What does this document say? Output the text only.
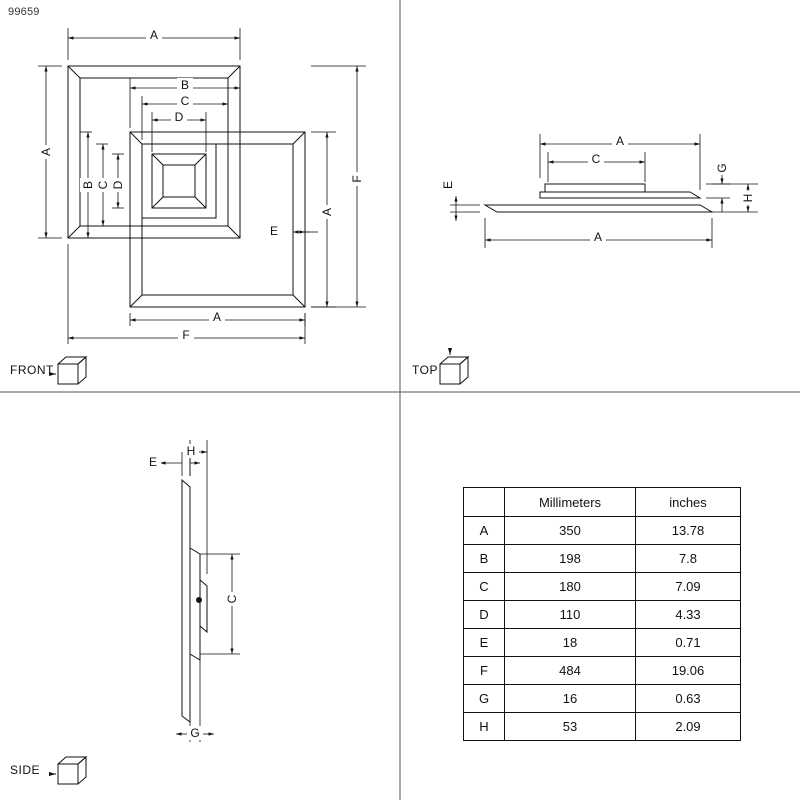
99659
A
B
C
D
A
B C D
E
A
F
A
F
A
C
E
G
H
A
E
H
C
G
FRONT	TOP
SIDE
	Millimeters	inches
A	350	13.78
B	198	7.8
C	180	7.09
D	110	4.33
E	18	0.71
F	484	19.06
G	16	0.63
H	53	2.09
